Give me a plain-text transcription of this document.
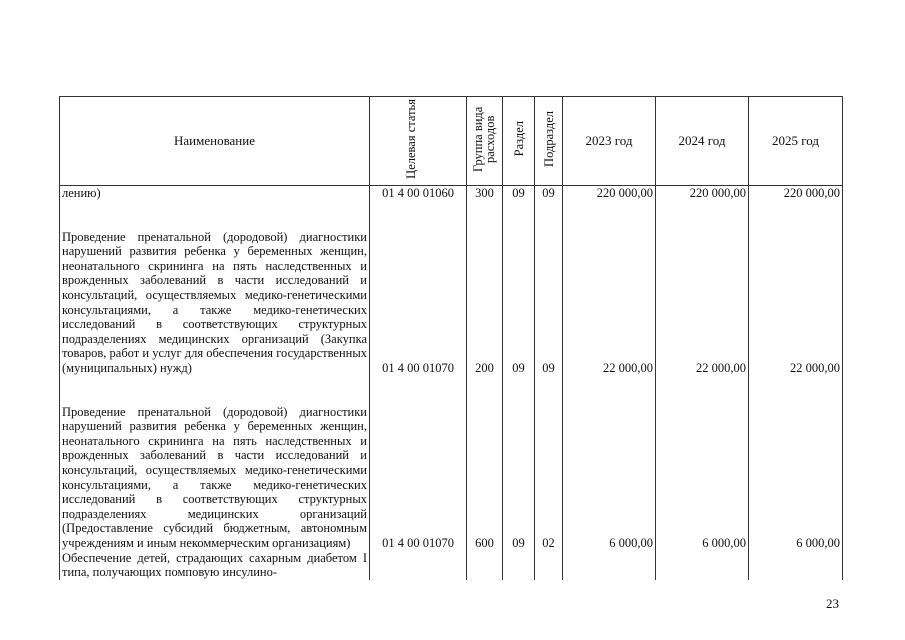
Наименование	Целевая статья	Группа вида расходов	Раздел	Подраздел	2023 год	2024 год	2025 год
лению)	01 4 00 01060	300	09	09	220 000,00	220 000,00	220 000,00
Проведение пренатальной (дородовой) диагностики нарушений развития ребенка у беременных женщин, неонатального скрининга на пять наследственных и врожденных заболеваний в части исследований и консультаций, осуществляемых медико-генетическими консультациями, а также медико-генетических исследований в соответствующих структурных подразделениях медицинских организаций (Закупка товаров, работ и услуг для обеспечения государственных (муниципальных) нужд)	01 4 00 01070	200	09	09	22 000,00	22 000,00	22 000,00
Проведение пренатальной (дородовой) диагностики нарушений развития ребенка у беременных женщин, неонатального скрининга на пять наследственных и врожденных заболеваний в части исследований и консультаций, осуществляемых медико-генетическими консультациями, а также медико-генетических исследований в соответствующих структурных подразделениях медицинских организаций (Предоставление субсидий бюджетным, автономным учреждениям и иным некоммерческим организациям)	01 4 00 01070	600	09	02	6 000,00	6 000,00	6 000,00
Обеспечение детей, страдающих сахарным диабетом I типа, получающих помповую инсулино-							
23
